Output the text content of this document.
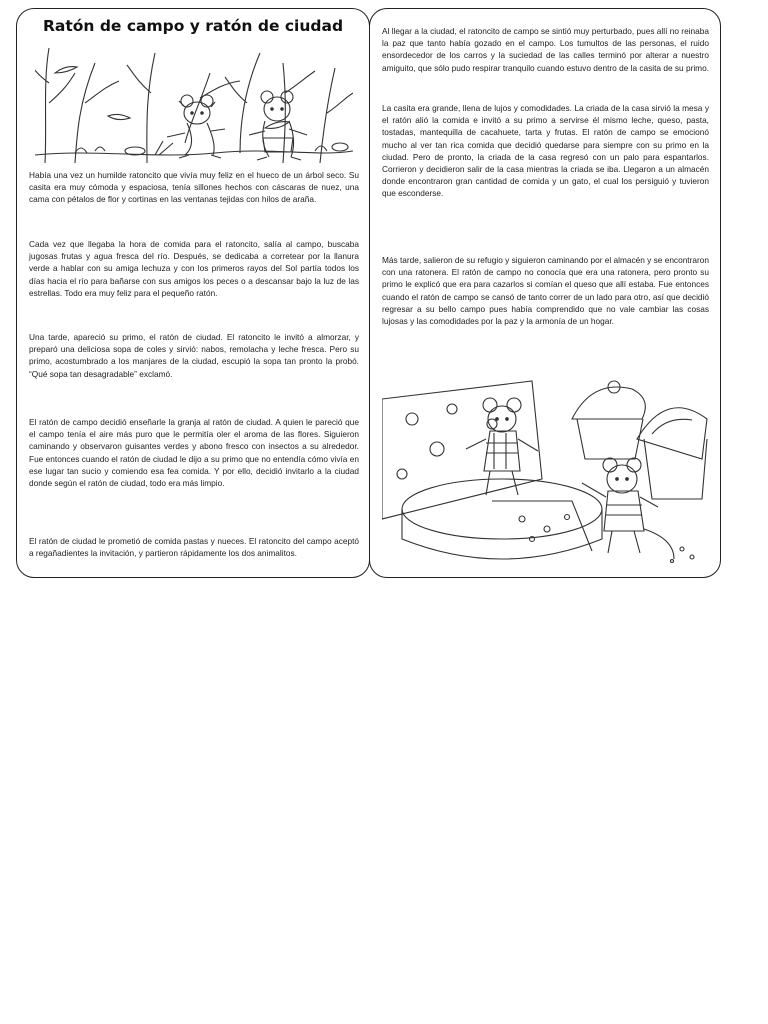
Ratón de campo y ratón de ciudad

Había una vez un humilde ratoncito que vivía muy feliz en el hueco de un árbol seco. Su casita era muy cómoda y espaciosa, tenía sillones hechos con cáscaras de nuez, una cama con pétalos de flor y cortinas en las ventanas tejidas con hilos de araña.

Cada vez que llegaba la hora de comida para el ratoncito, salía al campo, buscaba jugosas frutas y agua fresca del río. Después, se dedicaba a corretear por la llanura verde a hablar con su amiga lechuza y con los primeros rayos del Sol partía todos los días hacia el río para bañarse con sus amigos los peces o a descansar bajo la luz de las estrellas. Todo era muy feliz para el pequeño ratón.

Una tarde, apareció su primo, el ratón de ciudad. El ratoncito le invitó a almorzar, y preparó una deliciosa sopa de coles y sirvió: nabos, remolacha y leche fresca. Pero su primo, acostumbrado a los manjares de la ciudad, escupió la sopa tan pronto la probó. “Qué sopa tan desagradable” exclamó.

El ratón de campo decidió enseñarle la granja al ratón de ciudad. A quien le pareció que el campo tenía el aire más puro que le permitía oler el aroma de las flores. Siguieron caminando y observaron guisantes verdes y abono fresco con insectos a su alrededor. Fue entonces cuando el ratón de ciudad le dijo a su primo que no entendía cómo vivía en ese lugar tan sucio y comiendo esa fea comida. Y por ello, decidió invitarlo a la ciudad donde según el ratón de ciudad, todo era más limpio.

El ratón de ciudad le prometió de comida pastas y nueces. El ratoncito del campo aceptó a regañadientes la invitación, y partieron rápidamente los dos animalitos.

Al llegar a la ciudad, el ratoncito de campo se sintió muy perturbado, pues allí no reinaba la paz que tanto había gozado en el campo. Los tumultos de las personas, el ruido ensordecedor de los carros y la suciedad de las calles terminó por alterar a nuestro amiguito, que sólo pudo respirar tranquilo cuando estuvo dentro de la casita de su primo.

La casita era grande, llena de lujos y comodidades. La criada de la casa sirvió la mesa y el ratón alió la comida e invitó a su primo a servirse él mismo leche, queso, pasta, tostadas, mantequilla de cacahuete, tarta y frutas. El ratón de campo se emocionó mucho al ver tan rica comida que decidió quedarse para siempre con su primo en la ciudad. Pero de pronto, la criada de la casa regresó con un palo para espantarlos. Corrieron y decidieron salir de la casa mientras la criada se iba. Llegaron a un almacén donde encontraron gran cantidad de comida y un gato, el cual los persiguió y tuvieron que esconderse.

Más tarde, salieron de su refugio y siguieron caminando por el almacén y se encontraron con una ratonera. El ratón de campo no conocía que era una ratonera, pero pronto su primo le explicó que era para cazarlos si comían el queso que allí estaba. Fue entonces cuando el ratón de campo se cansó de tanto correr de un lado para otro, así que decidió regresar a su bello campo pues había comprendido que no vale cambiar las cosas lujosas y las comodidades por la paz y la armonía de un hogar.
